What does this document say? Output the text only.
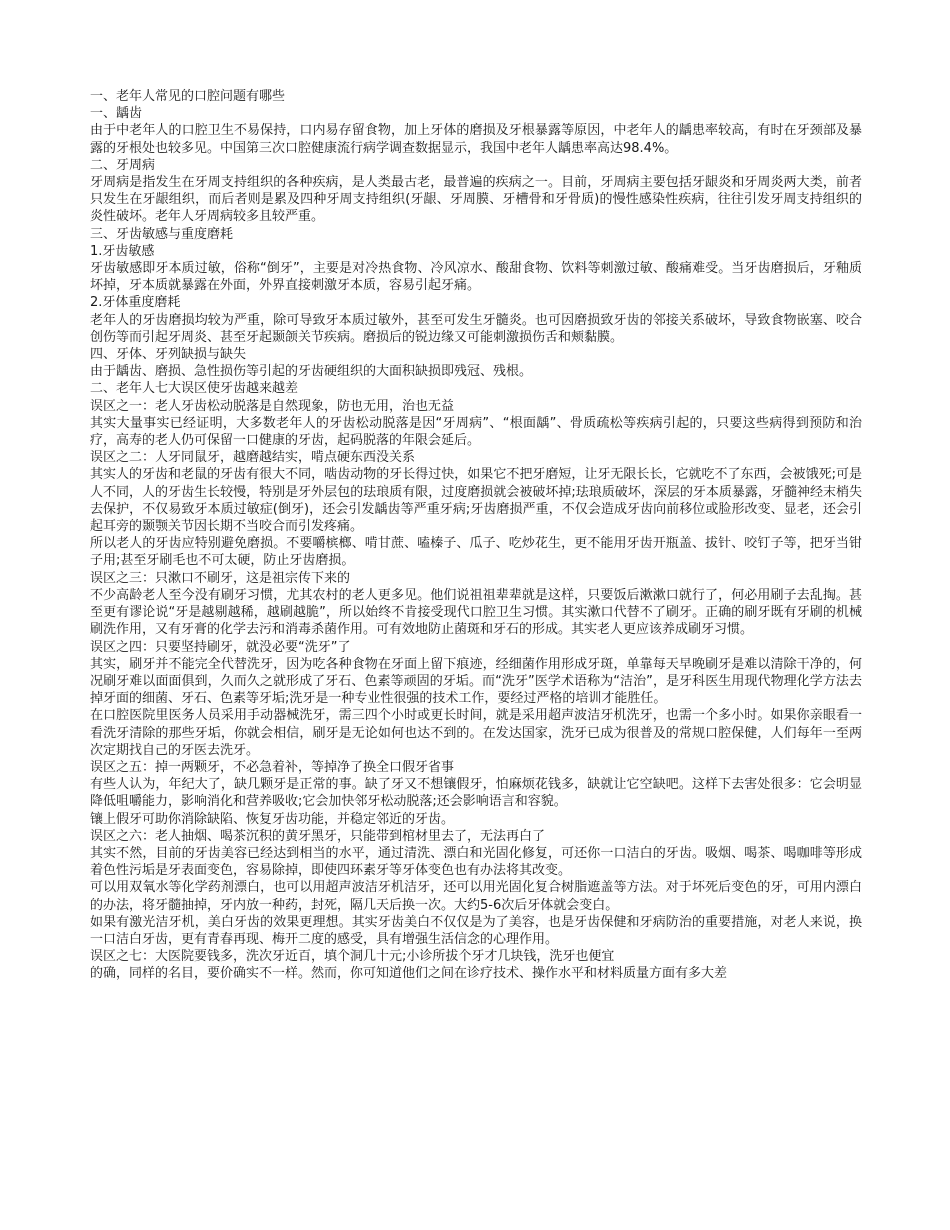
一、老年人常见的口腔问题有哪些

一、龋齿

由于中老年人的口腔卫生不易保持，口内易存留食物，加上牙体的磨损及牙根暴露等原因，中老年人的龋患率较高，有时在牙颈部及暴露的牙根处也较多见。中国第三次口腔健康流行病学调查数据显示，我国中老年人龋患率高达98.4%。

二、牙周病

牙周病是指发生在牙周支持组织的各种疾病，是人类最古老，最普遍的疾病之一。目前，牙周病主要包括牙龈炎和牙周炎两大类，前者只发生在牙龈组织，而后者则是累及四种牙周支持组织(牙龈、牙周膜、牙槽骨和牙骨质)的慢性感染性疾病，往往引发牙周支持组织的炎性破坏。老年人牙周病较多且较严重。

三、牙齿敏感与重度磨耗

1.牙齿敏感

牙齿敏感即牙本质过敏，俗称“倒牙”，主要是对冷热食物、冷风凉水、酸甜食物、饮料等刺激过敏、酸痛难受。当牙齿磨损后，牙釉质坏掉，牙本质就暴露在外面，外界直接刺激牙本质，容易引起牙痛。

2.牙体重度磨耗

老年人的牙齿磨损均较为严重，除可导致牙本质过敏外，甚至可发生牙髓炎。也可因磨损致牙齿的邻接关系破坏，导致食物嵌塞、咬合创伤等而引起牙周炎、甚至牙起颞颌关节疾病。磨损后的锐边缘又可能刺激损伤舌和颊黏膜。

四、牙体、牙列缺损与缺失

由于龋齿、磨损、急性损伤等引起的牙齿硬组织的大面积缺损即残冠、残根。

二、老年人七大误区使牙齿越来越差

误区之一：老人牙齿松动脱落是自然现象，防也无用，治也无益

其实大量事实已经证明，大多数老年人的牙齿松动脱落是因“牙周病”、“根面龋”、骨质疏松等疾病引起的，只要这些病得到预防和治疗，高寿的老人仍可保留一口健康的牙齿，起码脱落的年限会延后。

误区之二：人牙同鼠牙，越磨越结实，啃点硬东西没关系

其实人的牙齿和老鼠的牙齿有很大不同，啮齿动物的牙长得过快，如果它不把牙磨短，让牙无限长长，它就吃不了东西，会被饿死;可是人不同，人的牙齿生长较慢，特别是牙外层包的珐琅质有限，过度磨损就会被破坏掉;珐琅质破坏，深层的牙本质暴露，牙髓神经末梢失去保护，不仅易致牙本质过敏症(倒牙)，还会引发龋齿等严重牙病;牙齿磨损严重，不仅会造成牙齿向前移位或脸形改变、显老，还会引起耳旁的颞颚关节因长期不当咬合而引发疼痛。

所以老人的牙齿应特别避免磨损。不要嚼槟榔、啃甘蔗、嗑榛子、瓜子、吃炒花生，更不能用牙齿开瓶盖、拔针、咬钉子等，把牙当钳子用;甚至牙刷毛也不可太硬，防止牙齿磨损。

误区之三：只漱口不刷牙，这是祖宗传下来的

不少高龄老人至今没有刷牙习惯，尤其农村的老人更多见。他们说祖祖辈辈就是这样，只要饭后漱漱口就行了，何必用刷子去乱掏。甚至更有谬论说“牙是越剔越稀，越刷越脆”，所以始终不肯接受现代口腔卫生习惯。其实漱口代替不了刷牙。正确的刷牙既有牙刷的机械刷洗作用，又有牙膏的化学去污和消毒杀菌作用。可有效地防止菌斑和牙石的形成。其实老人更应该养成刷牙习惯。

误区之四：只要坚持刷牙，就没必要“洗牙”了

其实，刷牙并不能完全代替洗牙，因为吃各种食物在牙面上留下痕迹，经细菌作用形成牙斑，单靠每天早晚刷牙是难以清除干净的，何况刷牙难以面面俱到，久而久之就形成了牙石、色素等顽固的牙垢。而“洗牙”医学术语称为“洁治”，是牙科医生用现代物理化学方法去掉牙面的细菌、牙石、色素等牙垢;洗牙是一种专业性很强的技术工作，要经过严格的培训才能胜任。

在口腔医院里医务人员采用手动器械洗牙，需三四个小时或更长时间，就是采用超声波洁牙机洗牙，也需一个多小时。如果你亲眼看一看洗牙清除的那些牙垢，你就会相信，刷牙是无论如何也达不到的。在发达国家，洗牙已成为很普及的常规口腔保健，人们每年一至两次定期找自己的牙医去洗牙。

误区之五：掉一两颗牙，不必急着补，等掉净了换全口假牙省事

有些人认为，年纪大了，缺几颗牙是正常的事。缺了牙又不想镶假牙，怕麻烦花钱多，缺就让它空缺吧。这样下去害处很多：它会明显降低咀嚼能力，影响消化和营养吸收;它会加快邻牙松动脱落;还会影响语言和容貌。

镶上假牙可助你消除缺陷、恢复牙齿功能，并稳定邻近的牙齿。

误区之六：老人抽烟、喝茶沉积的黄牙黑牙，只能带到棺材里去了，无法再白了

其实不然，目前的牙齿美容已经达到相当的水平，通过清洗、漂白和光固化修复，可还你一口洁白的牙齿。吸烟、喝茶、喝咖啡等形成着色性污垢是牙表面变色，容易除掉，即使四环素牙等牙体变色也有办法将其改变。

可以用双氧水等化学药剂漂白，也可以用超声波洁牙机洁牙，还可以用光固化复合树脂遮盖等方法。对于坏死后变色的牙，可用内漂白的办法，将牙髓抽掉，牙内放一种药，封死，隔几天后换一次。大约5-6次后牙体就会变白。

如果有激光洁牙机，美白牙齿的效果更理想。其实牙齿美白不仅仅是为了美容，也是牙齿保健和牙病防治的重要措施，对老人来说，换一口洁白牙齿，更有青春再现、梅开二度的感受，具有增强生活信念的心理作用。

误区之七：大医院要钱多，洗次牙近百，填个洞几十元;小诊所拔个牙才几块钱，洗牙也便宜

的确，同样的名目，要价确实不一样。然而，你可知道他们之间在诊疗技术、操作水平和材料质量方面有多大差
